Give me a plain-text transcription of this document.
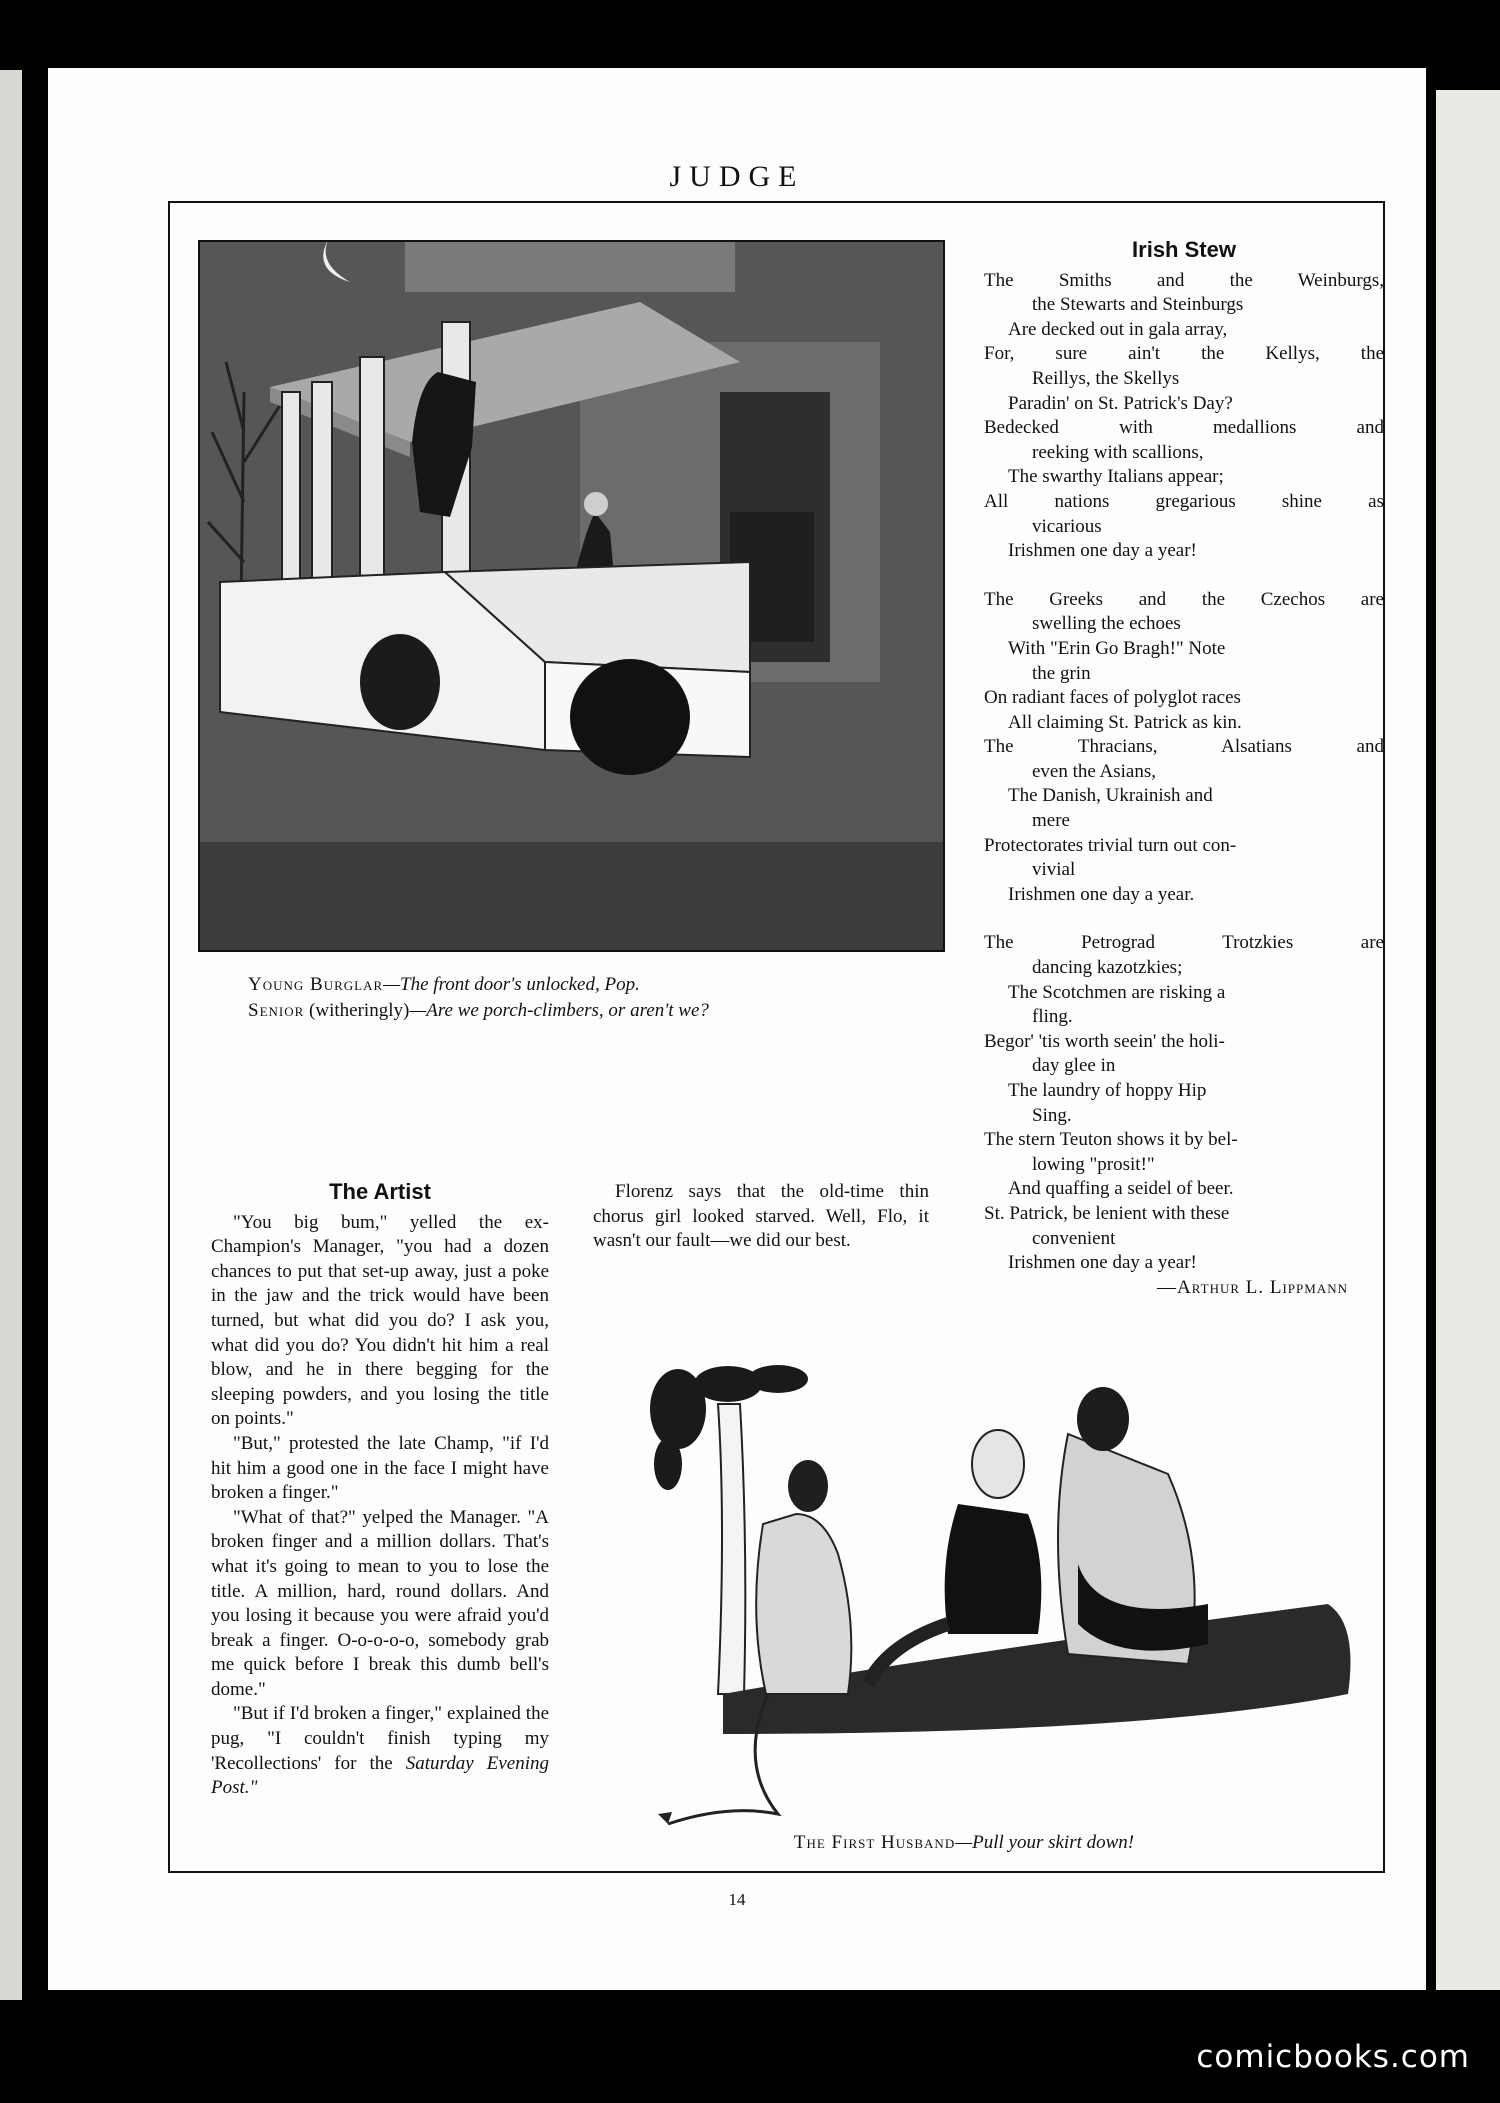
JUDGE
Young Burglar—The front door's unlocked, Pop.
Senior (witheringly)—Are we porch-climbers, or aren't we?
Irish Stew
The Smiths and the Weinburgs,
the Stewarts and Steinburgs
Are decked out in gala array,
For, sure ain't the Kellys, the
Reillys, the Skellys
Paradin' on St. Patrick's Day?
Bedecked with medallions and
reeking with scallions,
The swarthy Italians appear;
All nations gregarious shine as
vicarious
Irishmen one day a year!
The Greeks and the Czechos are
swelling the echoes
With "Erin Go Bragh!" Note
the grin
On radiant faces of polyglot races
All claiming St. Patrick as kin.
The Thracians, Alsatians and
even the Asians,
The Danish, Ukrainish and
mere
Protectorates trivial turn out con-
vivial
Irishmen one day a year.
The Petrograd Trotzkies are
dancing kazotzkies;
The Scotchmen are risking a
fling.
Begor' 'tis worth seein' the holi-
day glee in
The laundry of hoppy Hip
Sing.
The stern Teuton shows it by bel-
lowing "prosit!"
And quaffing a seidel of beer.
St. Patrick, be lenient with these
convenient
Irishmen one day a year!
—Arthur L. Lippmann
The Artist

"You big bum," yelled the ex-Champion's Manager, "you had a dozen chances to put that set-up away, just a poke in the jaw and the trick would have been turned, but what did you do? I ask you, what did you do? You didn't hit him a real blow, and he in there begging for the sleeping powders, and you losing the title on points."

"But," protested the late Champ, "if I'd hit him a good one in the face I might have broken a finger."

"What of that?" yelped the Manager. "A broken finger and a million dollars. That's what it's going to mean to you to lose the title. A million, hard, round dollars. And you losing it because you were afraid you'd break a finger. O-o-o-o-o, somebody grab me quick before I break this dumb bell's dome."

"But if I'd broken a finger," explained the pug, "I couldn't finish typing my 'Recollections' for the Saturday Evening Post."

Florenz says that the old-time thin chorus girl looked starved. Well, Flo, it wasn't our fault—we did our best.
The First Husband—Pull your skirt down!
14
comicbooks.com
